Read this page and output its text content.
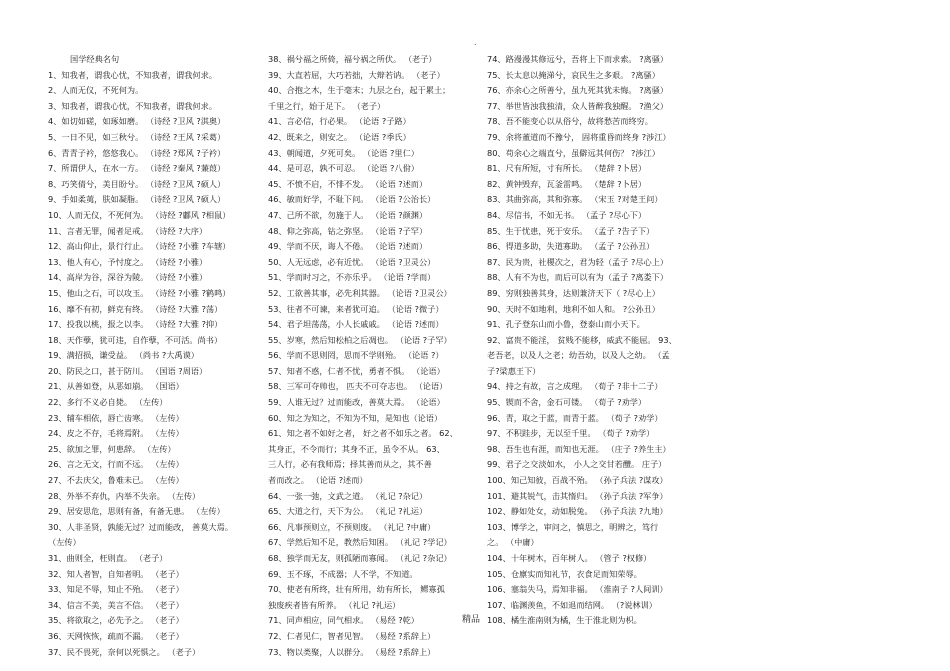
.
国学经典名句
1、知我者，谓我心忧，不知我者，谓我何求。
2、人而无仪，不死何为。
3、知我者，谓我心忧，不知我者，谓我何求。
4、如切如磋，如琢如磨。 （诗经 ?卫风 ?淇奥）
5、一日不见，如三秋兮。 （诗经 ?王风 ?采葛）
6、青青子衿，悠悠我心。 （诗经 ?郑风 ?子衿）
7、所谓伊人，在水一方。 （诗经 ?秦风 ?蒹葭）
8、巧笑倩兮，美目盼兮。 （诗经 ?卫风 ?硕人）
9、手如柔荑，肤如凝脂。 （诗经 ?卫风 ?硕人）
10、人而无仪，不死何为。 （诗经 ?鄘风 ?相鼠）
11、言者无罪，闻者足戒。 （诗经 ?大序）
12、高山仰止，景行行止。 （诗经 ?小雅 ?车辖）
13、他人有心，予忖度之。 （诗经 ?小雅）
14、高岸为谷，深谷为陵。 （诗经 ?小雅）
15、他山之石，可以攻玉。 （诗经 ?小雅 ?鹤鸣）
16、靡不有初，鲜克有终。 （诗经 ?大雅 ?荡）
17、投我以桃，报之以李。 （诗经 ?大雅 ?抑）
18、天作孽，犹可违，自作孽，不可活。尚书）
19、满招损，谦受益。 （尚书 ?大禹谟）
20、防民之口，甚于防川。 （国语 ?周语）
21、从善如登，从恶如崩。 （国语）
22、多行不义必自毙。 （左传）
23、辅车相依，唇亡齿寒。 （左传）
24、皮之不存，毛将焉附。 （左传）
25、欲加之罪，何患辞。 （左传）
26、言之无文，行而不远。 （左传）
27、不去庆父，鲁难未已。 （左传）
28、外举不弃仇，内举不失亲。 （左传）
29、居安思危，思则有备，有备无患。 （左传）
30、人非圣贤，孰能无过？过而能改， 善莫大焉。
（左传）
31、曲则全，枉则直。 （老子）
32、知人者智，自知者明。 （老子）
33、知足不辱，知止不殆。 （老子）
34、信言不美，美言不信。 （老子）
35、将欲取之，必先予之。 （老子）
36、天网恢恢，疏而不漏。 （老子）
37、民不畏死，奈何以死惧之。 （老子）
38、祸兮福之所倚，福兮祸之所伏。 （老子）
39、大直若屈，大巧若拙，大辩若讷。 （老子）
40、合抱之木，生于毫末；九层之台，起于累土；
千里之行，始于足下。 （老子）
41、言必信，行必果。 （论语 ?子路）
42、既来之，则安之。 （论语 ?季氏）
43、朝闻道，夕死可矣。 （论语 ?里仁）
44、是可忍，孰不可忍。 （论语 ?八佾）
45、不愤不启，不悱不发。 （论语 ?述而）
46、敏而好学，不耻下问。 （论语 ?公治长）
47、己所不欲，勿施于人。 （论语 ?颜渊）
48、仰之弥高，钻之弥坚。 （论语 ?子罕）
49、学而不厌，诲人不倦。 （论语 ?述而）
50、人无远虑，必有近忧。 （论语 ?卫灵公）
51、学而时习之，不亦乐乎。 （论语 ?学而）
52、工欲善其事，必先利其器。 （论语 ?卫灵公）
53、往者不可谏，来者犹可追。 （论语 ?微子）
54、君子坦荡荡，小人长戚戚。 （论语 ?述而）
55、岁寒，然后知松柏之后凋也。 （论语 ?子罕）
56、学而不思则罔，思而不学则殆。 （论语 ?）
57、知者不惑，仁者不忧，勇者不惧。 （论语）
58、三军可夺帅也， 匹夫不可夺志也。 （论语）
59、人谁无过？过而能改，善莫大焉。 （论语）
60、知之为知之，不知为不知，是知也（论语）
61、知之者不如好之者， 好之者不如乐之者。 62、
其身正，不令而行；其身不正，虽令不从。 63、
三人行，必有我师焉；择其善而从之，其不善
者而改之。 （论语 ?述而）
64、一张一弛，文武之道。 （礼记 ?杂记）
65、大道之行，天下为公。 （礼记 ?礼运）
66、凡事预则立，不预则废。 （礼记 ?中庸）
67、学然后知不足，教然后知困。 （礼记 ?学记）
68、独学而无友，则孤陋而寡闻。 （礼记 ?杂记）
69、玉不琢，不成器；人不学，不知道。
70、使老有所终，壮有所用，幼有所长， 鳏寡孤
独废疾者皆有所养。 （礼记 ?礼运）
71、同声相应，同气相求。 （易经 ?乾）
72、仁者见仁，智者见智。 （易经 ?系辞上）
73、物以类聚，人以群分。 （易经 ?系辞上）
74、路漫漫其修远兮，吾将上下而求索。 ?离骚）
75、长太息以掩涕兮，哀民生之多艰。 ?离骚）
76、亦余心之所善兮，虽九死其犹未悔。 ?离骚）
77、举世皆浊我独清，众人皆醉我独醒。 ?渔父）
78、吾不能变心以从俗兮，故将愁苦而终穷。
79、余将董道而不豫兮， 固将重昏而终身 ?涉江）
80、苟余心之端直兮，虽僻远其何伤？ ?涉江）
81、尺有所短，寸有所长。 （楚辞 ?卜居）
82、黄钟毁弃，瓦釜雷鸣。 （楚辞 ?卜居）
83、其曲弥高，其和弥寡。 （宋玉 ?对楚王问）
84、尽信书，不如无书。 （孟子 ?尽心下）
85、生于忧患，死于安乐。 （孟子 ?告子下）
86、得道多助，失道寡助。 （孟子 ?公孙丑）
87、民为贵，社稷次之，君为轻（孟子 ?尽心上）
88、人有不为也，而后可以有为（孟子 ?离娄下）
89、穷则独善其身，达则兼济天下（ ?尽心上）
90、天时不如地利，地利不如人和。 ?公孙丑）
91、孔子登东山而小鲁，登泰山而小天下。
92、富贵不能淫， 贫贱不能移，威武不能屈。 93、
老吾老，以及人之老；幼吾幼，以及人之幼。 （孟
子?梁惠王下）
94、持之有故，言之成理。 （荀子 ?非十二子）
95、锲而不舍，金石可镂。 （荀子 ?劝学）
96、青，取之于蓝，而青于蓝。 （荀子 ?劝学）
97、不积跬步，无以至千里。 （荀子 ?劝学）
98、吾生也有涯，而知也无涯。 （庄子 ?养生主）
99、君子之交淡如水， 小人之交甘若醴。 庄子）
100、知己知彼，百战不殆。 （孙子兵法 ?谋攻）
101、避其锐气，击其惰归。 （孙子兵法 ?军争）
102、静如处女，动如脱兔。 （孙子兵法 ?九地）
103、博学之，审问之，慎思之，明辨之，笃行
之。 （中庸）
104、十年树木，百年树人。 （管子 ?权修）
105、仓廪实而知礼节，衣食足而知荣辱。
106、塞翁失马，焉知非福。 （淮南子 ?人间训）
107、临渊羡鱼，不如退而结网。 （?说林训）
108、橘生淮南则为橘，生于淮北则为枳。
精品
